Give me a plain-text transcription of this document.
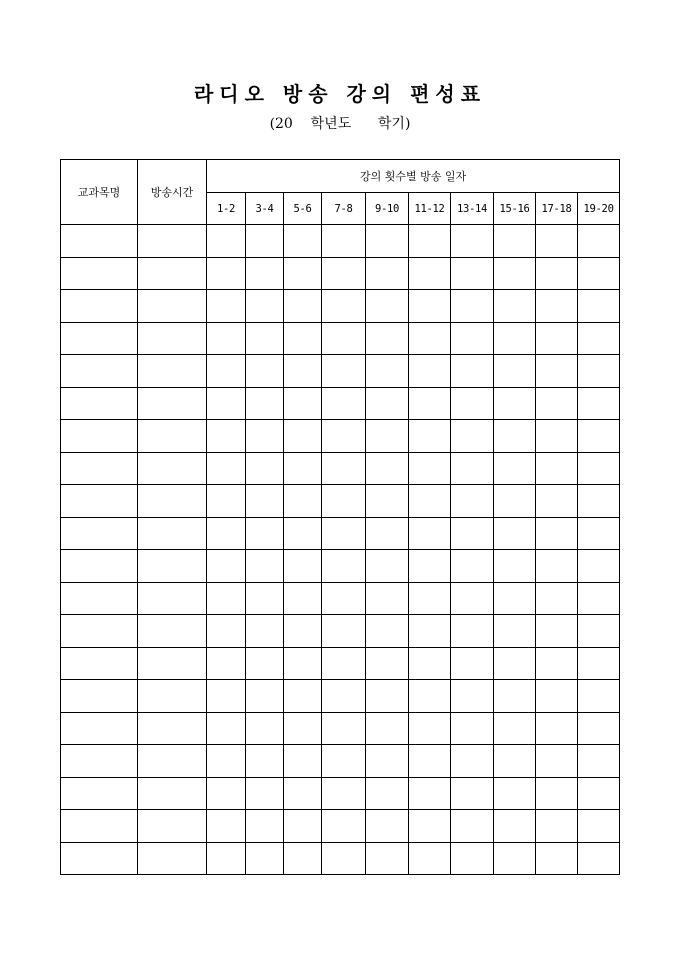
라디오 방송 강의 편성표

(20    학년도      학기)

교과목명	방송시간	강의 횟수별 방송 일자									
		1-2	3-4	5-6	7-8	9-10	11-12	13-14	15-16	17-18	19-20
